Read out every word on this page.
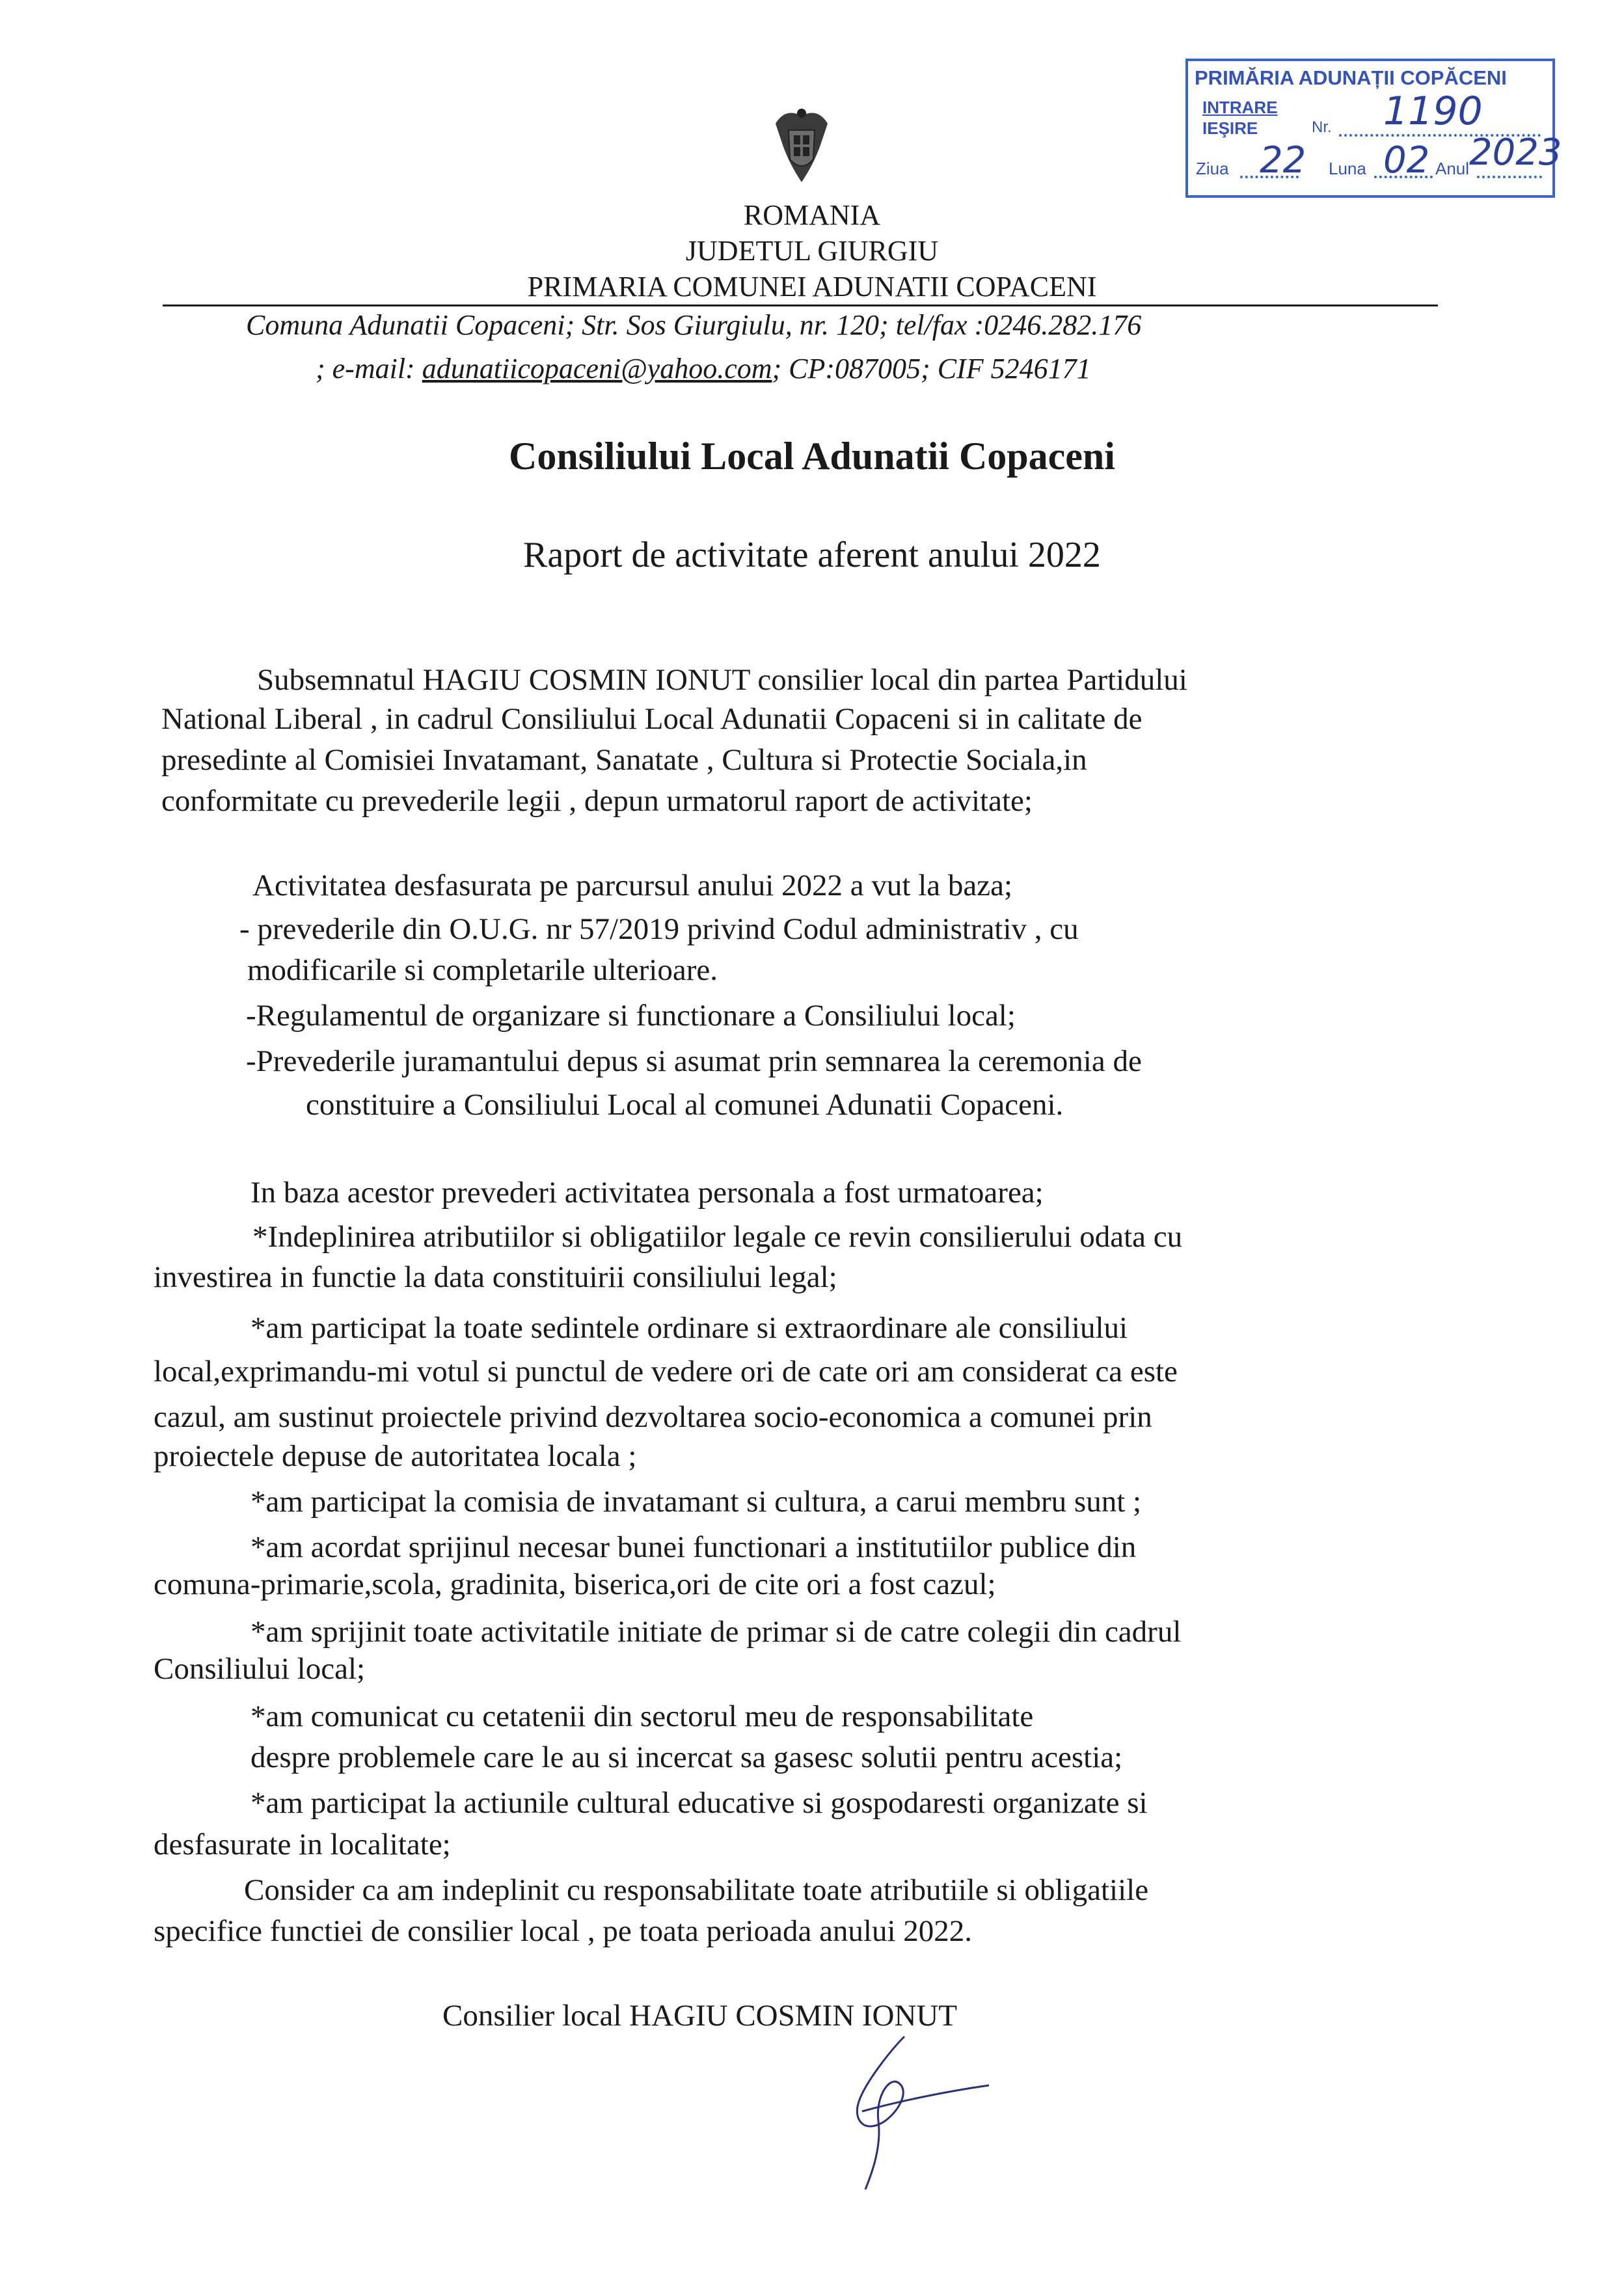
PRIMĂRIA ADUNAȚII COPĂCENI
INTRARE
IEŞIRE	Nr. 1190
Ziua 22 Luna 02 Anul 2023
ROMANIA
JUDETUL GIURGIU
PRIMARIA COMUNEI ADUNATII COPACENI
Comuna Adunatii Copaceni; Str. Sos Giurgiulu, nr. 120; tel/fax :0246.282.176
; e-mail: adunatiicopaceni@yahoo.com; CP:087005; CIF 5246171
Consiliului Local Adunatii Copaceni
Raport de activitate aferent anului 2022
Subsemnatul HAGIU COSMIN IONUT consilier local din partea Partidului
National Liberal , in cadrul Consiliului Local Adunatii Copaceni si in calitate de
presedinte al Comisiei Invatamant, Sanatate , Cultura si Protectie Sociala,in
conformitate cu prevederile legii , depun urmatorul raport de activitate;
Activitatea desfasurata pe parcursul anului 2022 a vut la baza;
- prevederile din O.U.G. nr 57/2019 privind Codul administrativ , cu
modificarile si completarile ulterioare.
-Regulamentul de organizare si functionare a Consiliului local;
-Prevederile juramantului depus si asumat prin semnarea la ceremonia de
constituire a Consiliului Local al comunei Adunatii Copaceni.
In baza acestor prevederi activitatea personala a fost urmatoarea;
*Indeplinirea atributiilor si obligatiilor legale ce revin consilierului odata cu
investirea in functie la data constituirii consiliului legal;
*am participat la toate sedintele ordinare si extraordinare ale consiliului
local,exprimandu-mi votul si punctul de vedere ori de cate ori am considerat ca este
cazul, am sustinut proiectele privind dezvoltarea socio-economica a comunei prin
proiectele depuse de autoritatea locala ;
*am participat la comisia de invatamant si cultura, a carui membru sunt ;
*am acordat sprijinul necesar bunei functionari a institutiilor publice din
comuna-primarie,scola, gradinita, biserica,ori de cite ori a fost cazul;
*am sprijinit toate activitatile initiate de primar si de catre colegii din cadrul
Consiliului local;
*am comunicat cu cetatenii din sectorul meu de responsabilitate
despre problemele care le au si incercat sa gasesc solutii pentru acestia;
*am participat la actiunile cultural educative si gospodaresti organizate si
desfasurate in localitate;
Consider ca am indeplinit cu responsabilitate toate atributiile si obligatiile
specifice functiei de consilier local , pe toata perioada anului 2022.
Consilier local HAGIU COSMIN IONUT
